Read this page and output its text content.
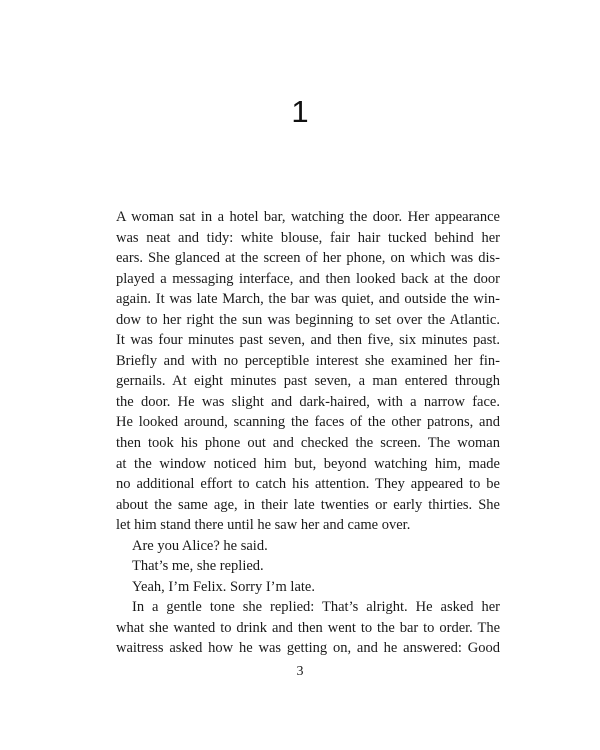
1
A woman sat in a hotel bar, watching the door. Her appearance
was neat and tidy: white blouse, fair hair tucked behind her
ears. She glanced at the screen of her phone, on which was dis-
played a messaging interface, and then looked back at the door
again. It was late March, the bar was quiet, and outside the win-
dow to her right the sun was beginning to set over the Atlantic.
It was four minutes past seven, and then five, six minutes past.
Briefly and with no perceptible interest she examined her fin-
gernails. At eight minutes past seven, a man entered through
the door. He was slight and dark-haired, with a narrow face.
He looked around, scanning the faces of the other patrons, and
then took his phone out and checked the screen. The woman
at the window noticed him but, beyond watching him, made
no additional effort to catch his attention. They appeared to be
about the same age, in their late twenties or early thirties. She
let him stand there until he saw her and came over.
Are you Alice? he said.
That’s me, she replied.
Yeah, I’m Felix. Sorry I’m late.
In a gentle tone she replied: That’s alright. He asked her
what she wanted to drink and then went to the bar to order. The
waitress asked how he was getting on, and he answered: Good
3
